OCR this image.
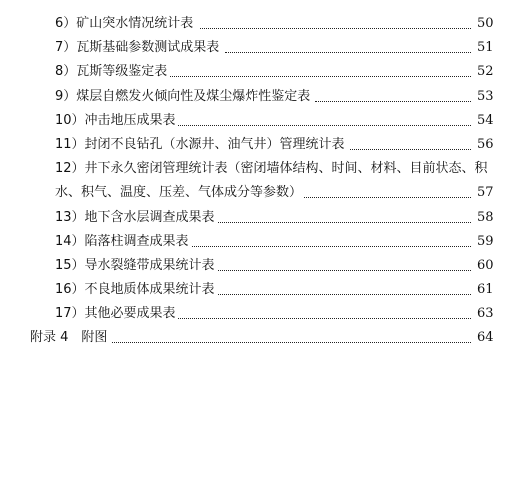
6）矿山突水情况统计表	50
7）瓦斯基础参数测试成果表	51
8）瓦斯等级鉴定表	52
9）煤层自燃发火倾向性及煤尘爆炸性鉴定表	53
10）冲击地压成果表	54
11）封闭不良钻孔（水源井、油气井）管理统计表	56
12）井下永久密闭管理统计表（密闭墙体结构、时间、材料、目前状态、积
水、积气、温度、压差、气体成分等参数）	57
13）地下含水层调查成果表	58
14）陷落柱调查成果表	59
15）导水裂缝带成果统计表	60
16）不良地质体成果统计表	61
17）其他必要成果表	63
附录 4　附图	64
